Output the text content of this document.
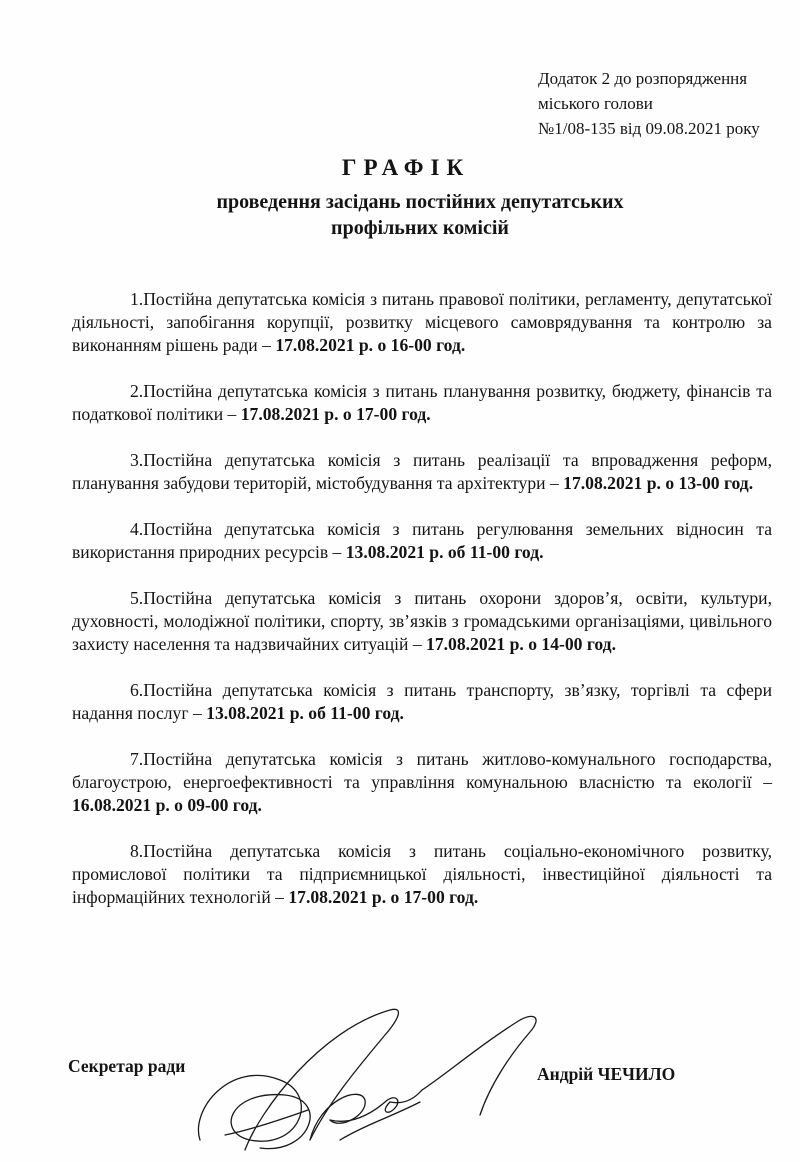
Додаток 2 до розпорядження
міського голови
№1/08-135 від 09.08.2021 року
ГРАФІК
проведення засідань постійних депутатських
профільних комісій

1.Постійна депутатська комісія з питань правової політики, регламенту, депутатської діяльності, запобігання корупції, розвитку місцевого самоврядування та контролю за виконанням рішень ради – 17.08.2021 р. о 16-00 год.

2.Постійна депутатська комісія з питань планування розвитку, бюджету, фінансів та податкової політики – 17.08.2021 р. о 17-00 год.

3.Постійна депутатська комісія з питань реалізації та впровадження реформ, планування забудови територій, містобудування та архітектури – 17.08.2021 р. о 13-00 год.

4.Постійна депутатська комісія з питань регулювання земельних відносин та використання природних ресурсів – 13.08.2021 р. об 11-00 год.

5.Постійна депутатська комісія з питань охорони здоров’я, освіти, культури, духовності, молодіжної політики, спорту, зв’язків з громадськими організаціями, цивільного захисту населення та надзвичайних ситуацій – 17.08.2021 р. о 14-00 год.

6.Постійна депутатська комісія з питань транспорту, зв’язку, торгівлі та сфери надання послуг – 13.08.2021 р. об 11-00 год.

7.Постійна депутатська комісія з питань житлово-комунального господарства, благоустрою, енергоефективності та управління комунальною власністю та екології – 16.08.2021 р. о 09-00 год.

8.Постійна депутатська комісія з питань соціально-економічного розвитку, промислової політики та підприємницької діяльності, інвестиційної діяльності та інформаційних технологій – 17.08.2021 р. о 17-00 год.

Секретар ради	Андрій ЧЕЧИЛО
